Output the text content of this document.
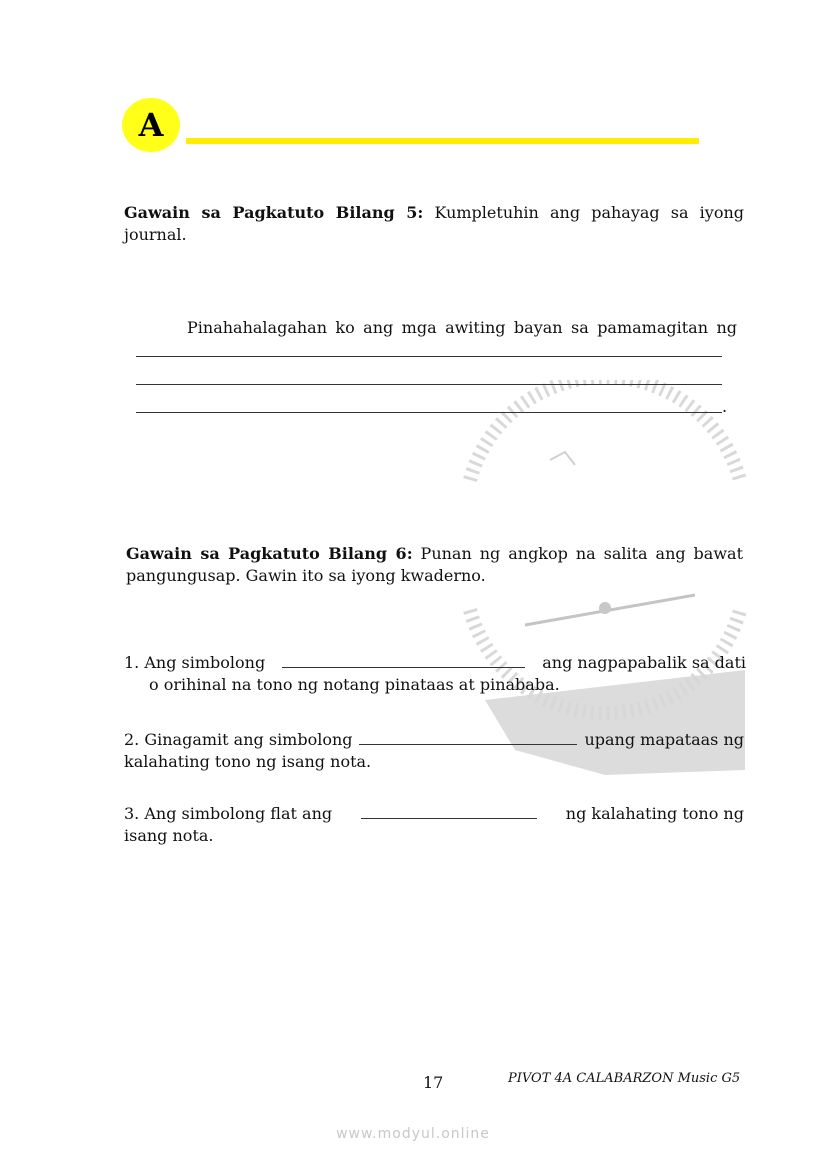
A
Gawain sa Pagkatuto Bilang 5: Kumpletuhin ang pahayag sa iyong journal.
Pinahahalagahan ko ang mga awiting bayan sa pamamagitan ng
.
Gawain sa Pagkatuto Bilang 6: Punan ng angkop na salita ang bawat pangungusap. Gawin ito sa iyong kwaderno.
1. Ang simbolong	ang nagpapabalik sa dati
o orihinal na tono ng notang pinataas at pinababa.
2. Ginagamit ang simbolong	upang mapataas ng
kalahating tono ng isang nota.
3. Ang simbolong flat ang	ng kalahating tono ng
isang nota.
17	PIVOT 4A CALABARZON Music G5
www.modyul.online
